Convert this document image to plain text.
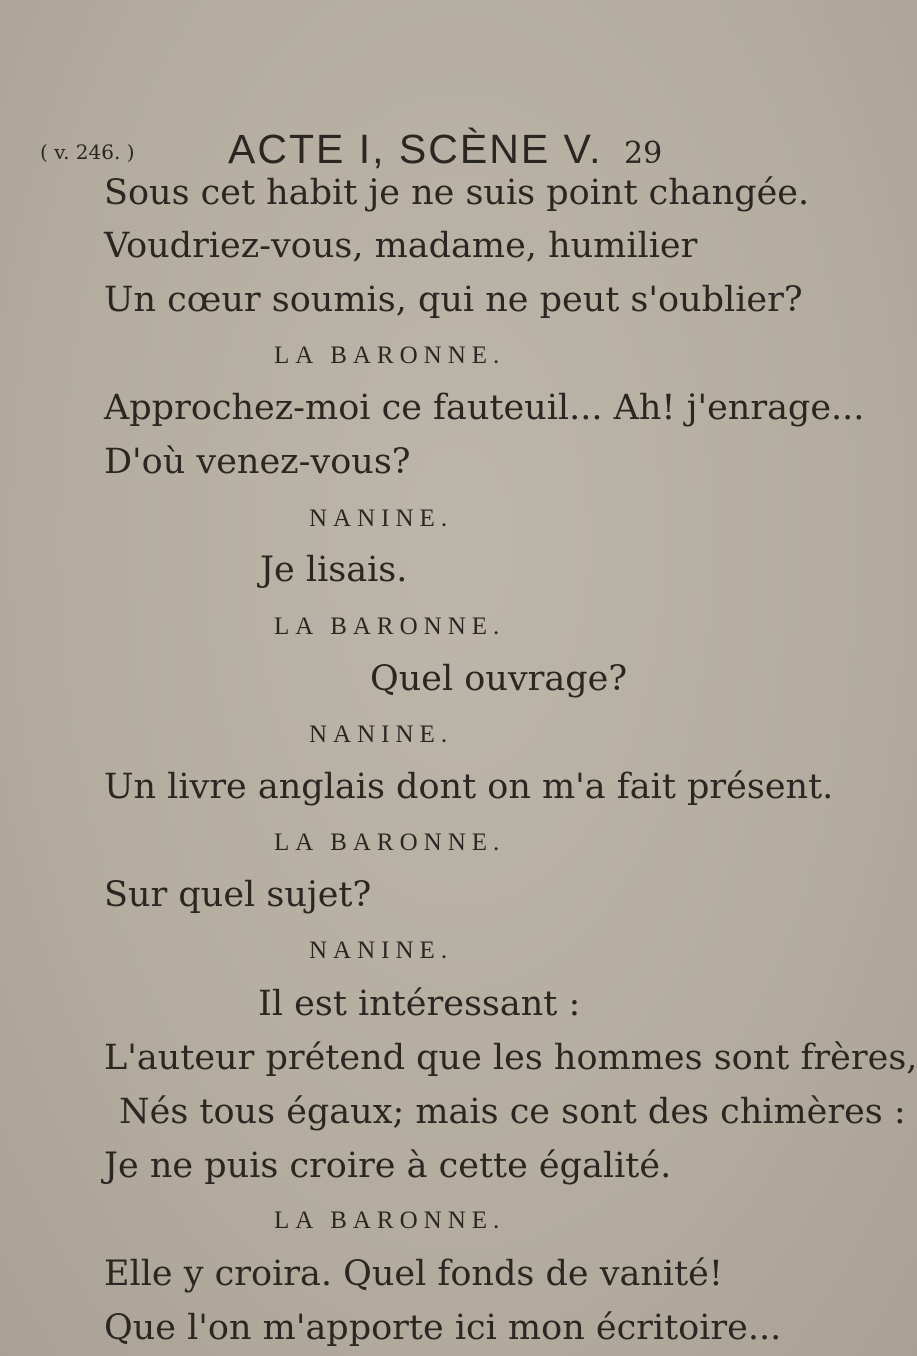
( v. 246. ) ACTE I, SCÈNE V. 29
Sous cet habit je ne suis point changée.
Voudriez-vous, madame, humilier
Un cœur soumis, qui ne peut s'oublier?
LA BARONNE.
Approchez-moi ce fauteuil... Ah! j'enrage...
D'où venez-vous?
NANINE.
Je lisais.
LA BARONNE.
Quel ouvrage?
NANINE.
Un livre anglais dont on m'a fait présent.
LA BARONNE.
Sur quel sujet?
NANINE.
Il est intéressant :
L'auteur prétend que les hommes sont frères,
Nés tous égaux; mais ce sont des chimères :
Je ne puis croire à cette égalité.
LA BARONNE.
Elle y croira. Quel fonds de vanité!
Que l'on m'apporte ici mon écritoire...
